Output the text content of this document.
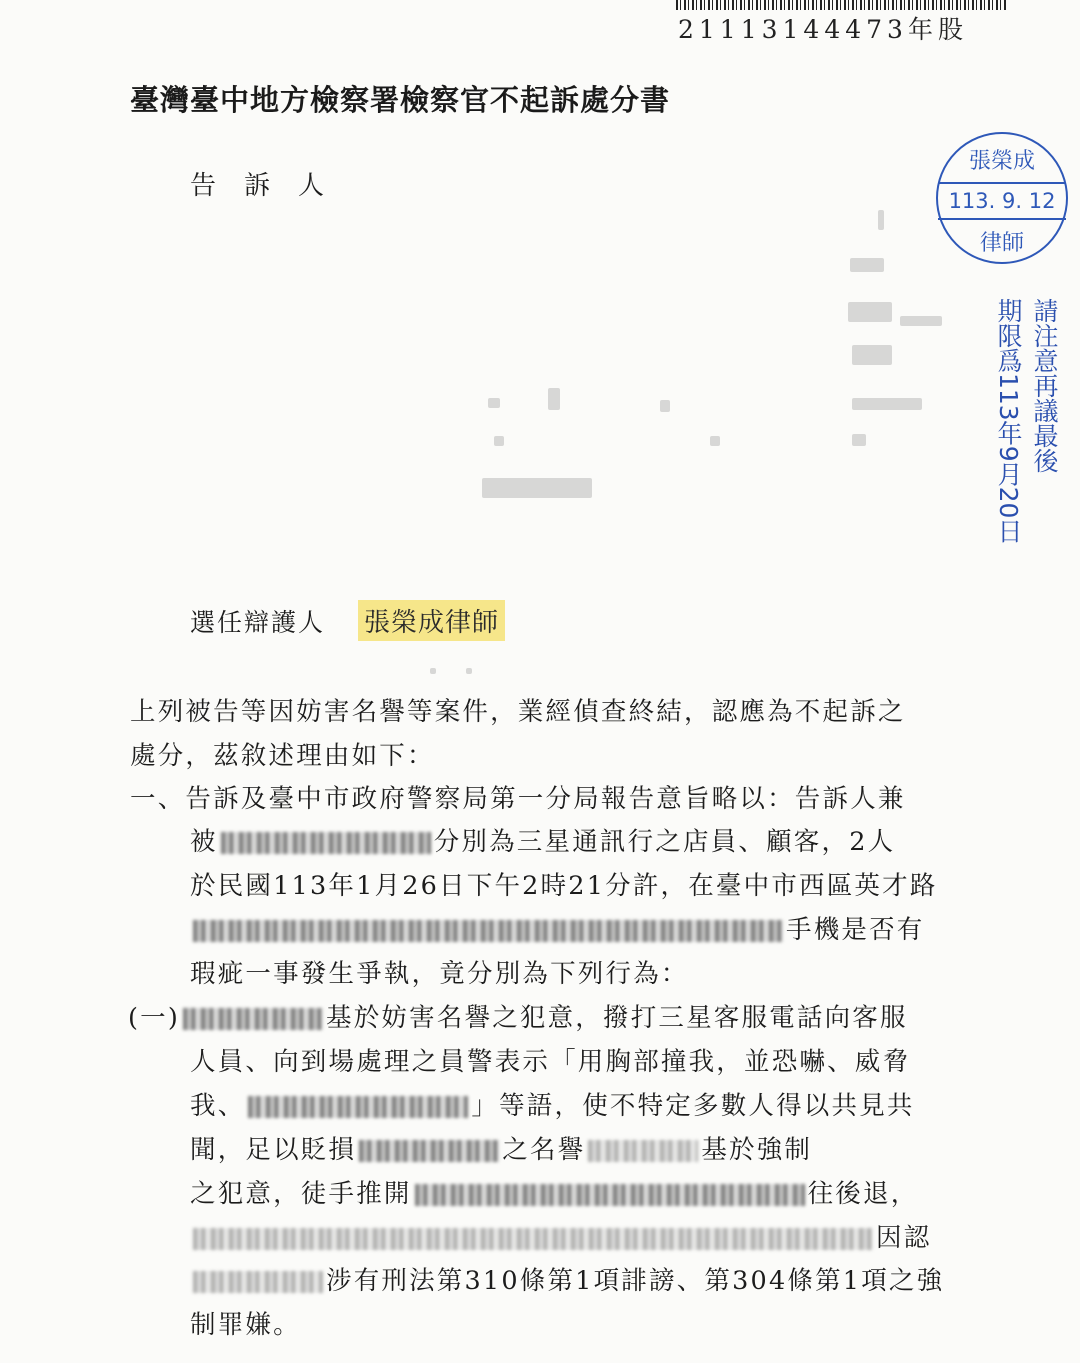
21113144473年股
臺灣臺中地方檢察署檢察官不起訴處分書
告訴人
張榮成
113. 9. 12
律師
請注意再議最後
期限爲113年9月20日
選任辯護人 張榮成律師
上列被告等因妨害名譽等案件，業經偵查終結，認應為不起訴之
處分，茲敘述理由如下：
一、告訴及臺中市政府警察局第一分局報告意旨略以：告訴人兼
被	分別為三星通訊行之店員、顧客，2人
於民國113年1月26日下午2時21分許，在臺中市西區英才路
手機是否有
瑕疵一事發生爭執，竟分別為下列行為：
(一)	基於妨害名譽之犯意，撥打三星客服電話向客服
人員、向到場處理之員警表示「用胸部撞我，並恐嚇、威脅
我、	」等語，使不特定多數人得以共見共
聞，足以貶損	之名譽	基於強制
之犯意，徒手推開	往後退，
因認
涉有刑法第310條第1項誹謗、第304條第1項之強
制罪嫌。
